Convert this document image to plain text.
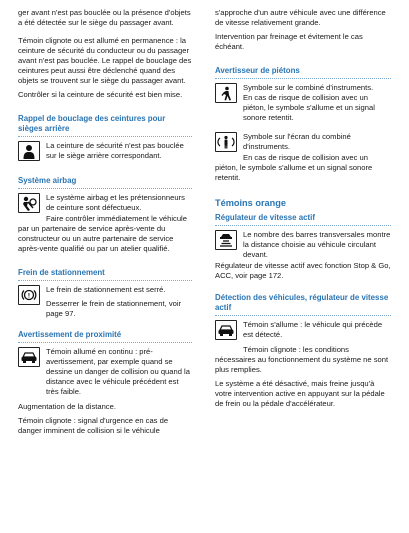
ger avant n'est pas bouclée ou la présence d'objets a été détectée sur le siège du passager avant.

Témoin clignote ou est allumé en permanence : la ceinture de sécurité du conducteur ou du passager avant n'est pas bouclée. Le rappel de bouclage des ceintures peut aussi être déclenché quand des objets se trouvent sur le siège du passager avant.

Contrôler si la ceinture de sécurité est bien mise.

Rappel de bouclage des ceintures pour sièges arrière

La ceinture de sécurité n'est pas bouclée sur le siège arrière correspondant.

Système airbag

Le système airbag et les prétensionneurs de ceinture sont défectueux.

Faire contrôler immédiatement le véhicule par un partenaire de service après-vente du constructeur ou un autre partenaire de service après-vente qualifié ou par un atelier qualifié.

Frein de stationnement
!

Le frein de stationnement est serré.

Desserrer le frein de stationnement, voir page 97.

Avertissement de proximité

Témoin allumé en continu : pré-avertissement, par exemple quand se dessine un danger de collision ou quand la distance avec le véhicule précédent est très faible.

Augmentation de la distance.

Témoin clignote : signal d'urgence en cas de danger imminent de collision si le véhicule

s'approche d'un autre véhicule avec une différence de vitesse relativement grande.

Intervention par freinage et évitement le cas échéant.

Avertisseur de piétons

Symbole sur le combiné d'instruments.

En cas de risque de collision avec un piéton, le symbole s'allume et un signal sonore retentit.

Symbole sur l'écran du combiné d'instruments.

En cas de risque de collision avec un piéton, le symbole s'allume et un signal sonore retentit.

Témoins orange
Régulateur de vitesse actif

Le nombre des barres transversales montre la distance choisie au véhicule circulant devant.

Régulateur de vitesse actif avec fonction Stop & Go, ACC, voir page 172.

Détection des véhicules, régulateur de vitesse actif

Témoin s'allume : le véhicule qui précède est détecté.

Témoin clignote : les conditions nécessaires au fonctionnement du système ne sont plus remplies.

Le système a été désactivé, mais freine jusqu'à votre intervention active en appuyant sur la pédale de frein ou la pédale d'accélérateur.
